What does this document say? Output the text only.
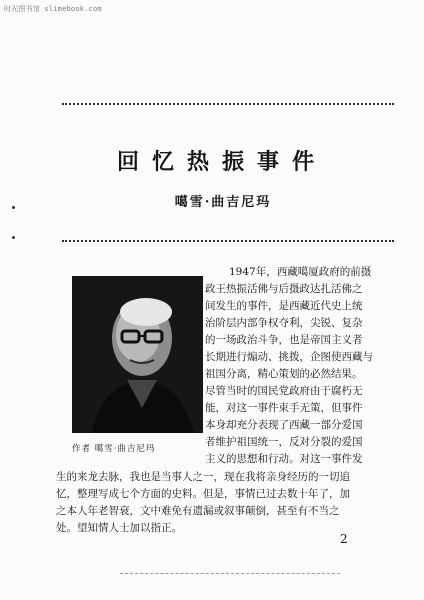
时光图书馆 slimebook.com
回忆热振事件
噶雪·曲吉尼玛
作者 噶雪·曲吉尼玛
1947年，西藏噶厦政府的前摄
政王热振活佛与后摄政达扎活佛之
间发生的事件，是西藏近代史上统
治阶层内部争权夺利，尖锐、复杂
的一场政治斗争，也是帝国主义者
长期进行煽动、挑拨，企图使西藏与
祖国分离，精心策划的必然结果。
尽管当时的国民党政府由于腐朽无
能，对这一事件束手无策，但事件
本身却充分表现了西藏一部分爱国
者维护祖国统一，反对分裂的爱国
主义的思想和行动。对这一事件发
生的来龙去脉，我也是当事人之一，现在我将亲身经历的一切追
忆，整理写成七个方面的史料。但是，事情已过去数十年了，加
之本人年老智衰，文中难免有遗漏或叙事颠倒，甚至有不当之
处。望知情人士加以指正。
2
